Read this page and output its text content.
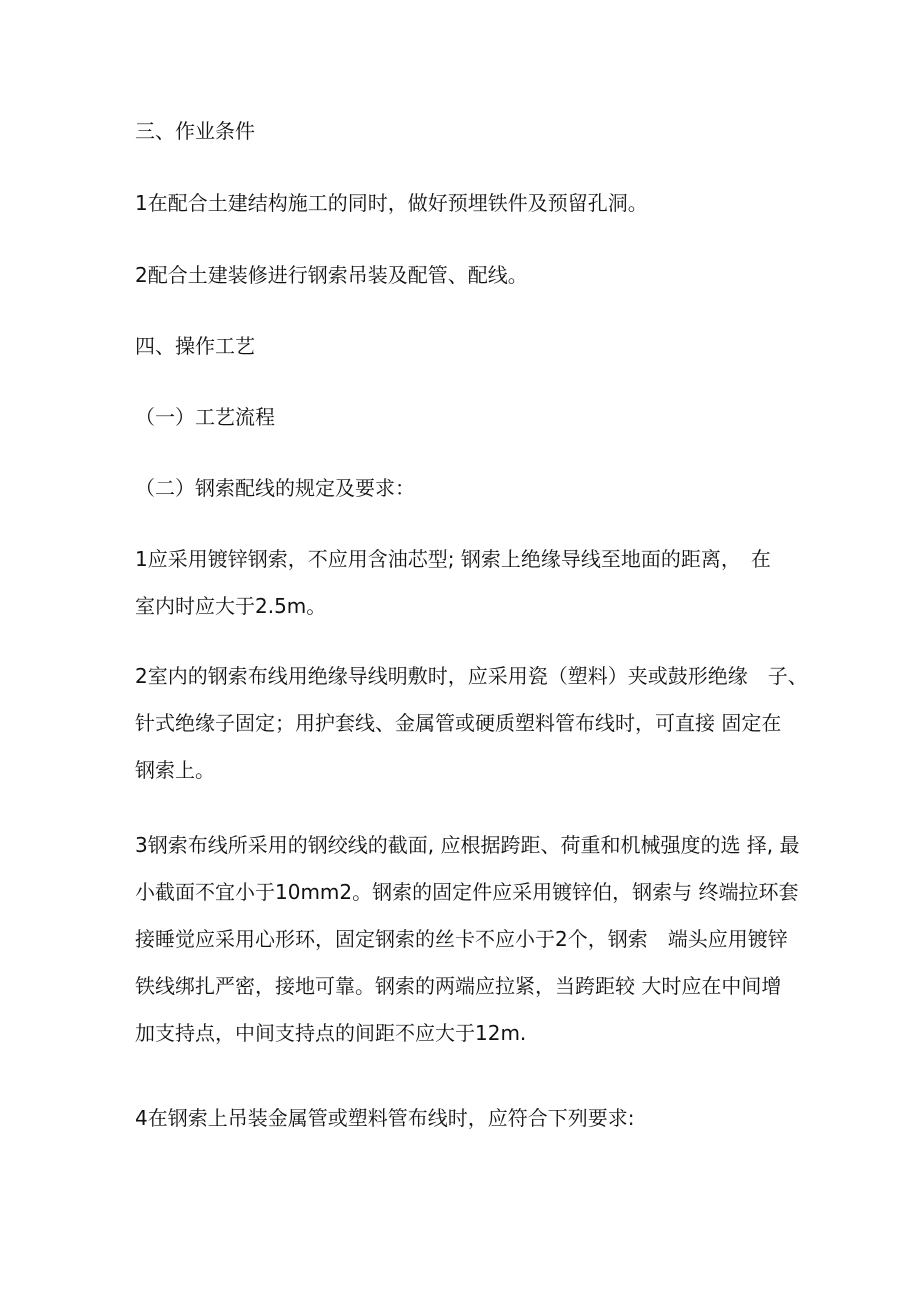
三、作业条件

1在配合土建结构施工的同时，做好预埋铁件及预留孔洞。

2配合土建装修进行钢索吊装及配管、配线。

四、操作工艺

（一）工艺流程

（二）钢索配线的规定及要求：

1应采用镀锌钢索，不应用含油芯型; 钢索上绝缘导线至地面的距离，　在
室内时应大于2.5m。

2室内的钢索布线用绝缘导线明敷时，应采用瓷（塑料）夹或鼓形绝缘　子、
针式绝缘子固定；用护套线、金属管或硬质塑料管布线时，可直接 固定在
钢索上。

3钢索布线所采用的钢绞线的截面, 应根据跨距、荷重和机械强度的选 择, 最
小截面不宜小于10mm2。钢索的固定件应采用镀锌伯，钢索与 终端拉环套
接睡觉应采用心形环，固定钢索的丝卡不应小于2个，钢索　端头应用镀锌
铁线绑扎严密，接地可靠。钢索的两端应拉紧，当跨距较 大时应在中间增
加支持点，中间支持点的间距不应大于12m.

4在钢索上吊装金属管或塑料管布线时，应符合下列要求:
